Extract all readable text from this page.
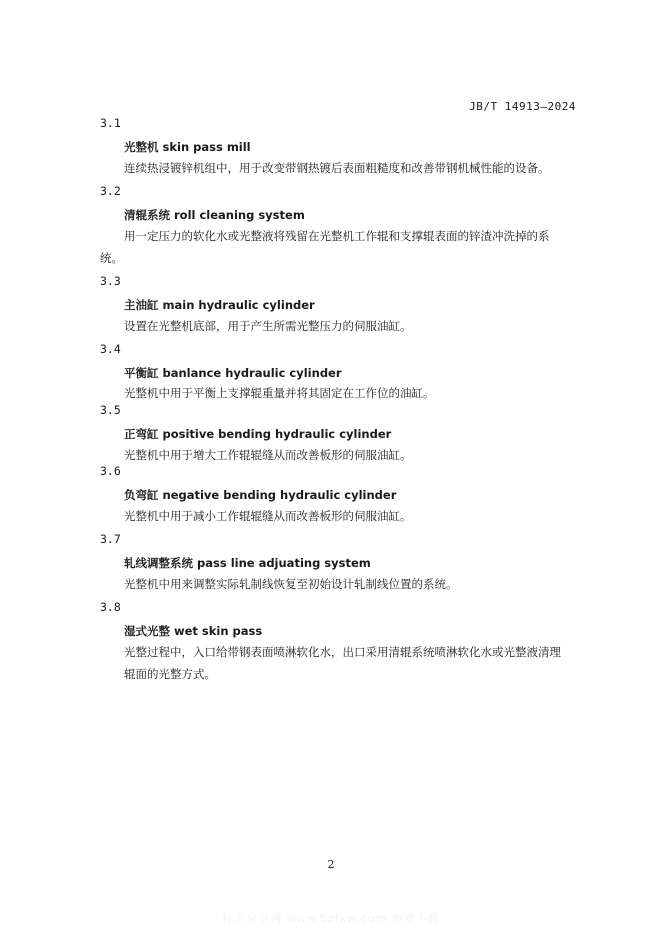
JB/T 14913—2024
3.1
光整机 skin pass mill
连续热浸镀锌机组中，用于改变带钢热镀后表面粗糙度和改善带钢机械性能的设备。
3.2
清辊系统 roll cleaning system
用一定压力的软化水或光整液将残留在光整机工作辊和支撑辊表面的锌渣冲洗掉的系
统。
3.3
主油缸 main hydraulic cylinder
设置在光整机底部，用于产生所需光整压力的伺服油缸。
3.4
平衡缸 banlance hydraulic cylinder
光整机中用于平衡上支撑辊重量并将其固定在工作位的油缸。
3.5
正弯缸 positive bending hydraulic cylinder
光整机中用于增大工作辊辊缝从而改善板形的伺服油缸。
3.6
负弯缸 negative bending hydraulic cylinder
光整机中用于减小工作辊辊缝从而改善板形的伺服油缸。
3.7
轧线调整系统 pass line adjuating system
光整机中用来调整实际轧制线恢复至初始设计轧制线位置的系统。
3.8
湿式光整 wet skin pass
光整过程中，入口给带钢表面喷淋软化水，出口采用清辊系统喷淋软化水或光整液清理
辊面的光整方式。
2
标准分享网 www.bzfxw.com 免费下载
